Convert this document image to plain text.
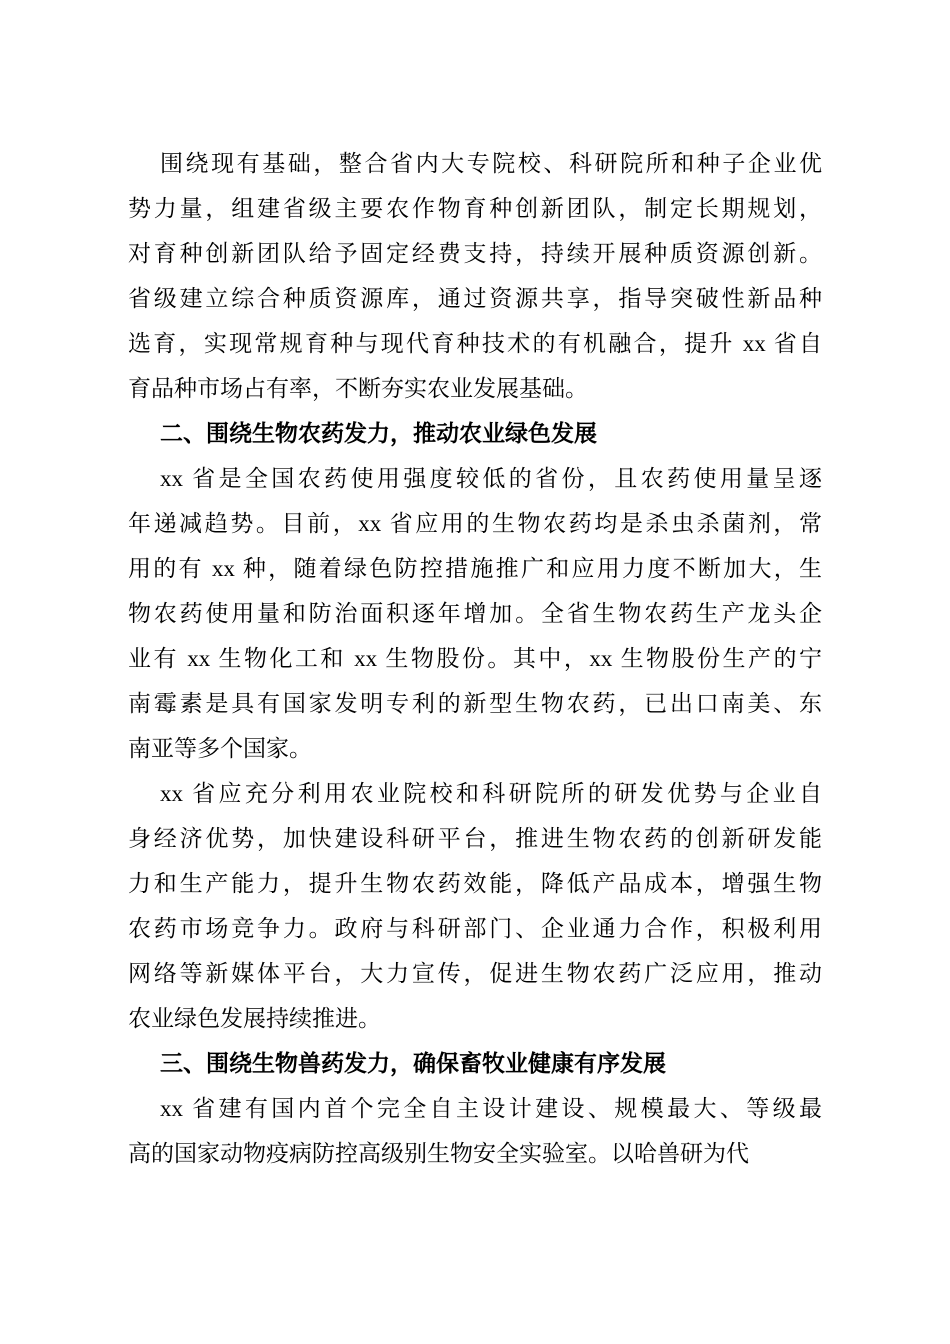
围绕现有基础，整合省内大专院校、科研院所和种子企业优
势力量，组建省级主要农作物育种创新团队，制定长期规划，
对育种创新团队给予固定经费支持，持续开展种质资源创新。
省级建立综合种质资源库，通过资源共享，指导突破性新品种
选育，实现常规育种与现代育种技术的有机融合，提升 xx 省自
育品种市场占有率，不断夯实农业发展基础。
二、围绕生物农药发力，推动农业绿色发展
xx 省是全国农药使用强度较低的省份，且农药使用量呈逐
年递减趋势。目前，xx 省应用的生物农药均是杀虫杀菌剂，常
用的有 xx 种，随着绿色防控措施推广和应用力度不断加大，生
物农药使用量和防治面积逐年增加。全省生物农药生产龙头企
业有 xx 生物化工和 xx 生物股份。其中，xx 生物股份生产的宁
南霉素是具有国家发明专利的新型生物农药，已出口南美、东
南亚等多个国家。
xx 省应充分利用农业院校和科研院所的研发优势与企业自
身经济优势，加快建设科研平台，推进生物农药的创新研发能
力和生产能力，提升生物农药效能，降低产品成本，增强生物
农药市场竞争力。政府与科研部门、企业通力合作，积极利用
网络等新媒体平台，大力宣传，促进生物农药广泛应用，推动
农业绿色发展持续推进。
三、围绕生物兽药发力，确保畜牧业健康有序发展
xx 省建有国内首个完全自主设计建设、规模最大、等级最
高的国家动物疫病防控高级别生物安全实验室。以哈兽研为代
